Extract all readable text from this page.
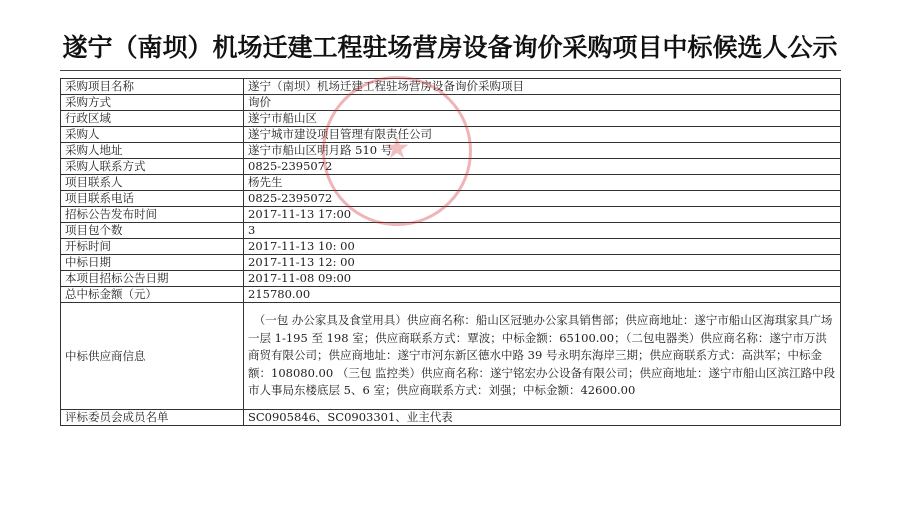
遂宁（南坝）机场迁建工程驻场营房设备询价采购项目中标候选人公示
采购项目名称	遂宁（南坝）机场迁建工程驻场营房设备询价采购项目
采购方式	询价
行政区域	遂宁市船山区
采购人	遂宁城市建设项目管理有限责任公司
采购人地址	遂宁市船山区明月路 510 号
采购人联系方式	0825-2395072
项目联系人	杨先生
项目联系电话	0825-2395072
招标公告发布时间	2017-11-13 17:00
项目包个数	3
开标时间	2017-11-13 10: 00
中标日期	2017-11-13 12: 00
本项目招标公告日期	2017-11-08 09:00
总中标金额（元）	215780.00
中标供应商信息	　（一包 办公家具及食堂用具）供应商名称：船山区冠驰办公家具销售部；供应商地址：遂宁市船山区海琪家具广场一层 1-195 至 198 室；供应商联系方式：覃波；中标金额：65100.00；（二包电器类）供应商名称：遂宁市万洪商贸有限公司；供应商地址：遂宁市河东新区德水中路 39 号永明东海岸三期；供应商联系方式：高洪军；中标金额：108080.00 （三包 监控类）供应商名称：遂宁铭宏办公设备有限公司；供应商地址：遂宁市船山区滨江路中段市人事局东楼底层 5、6 室；供应商联系方式：刘强；中标金额：42600.00
评标委员会成员名单	SC0905846、SC0903301、业主代表
★
